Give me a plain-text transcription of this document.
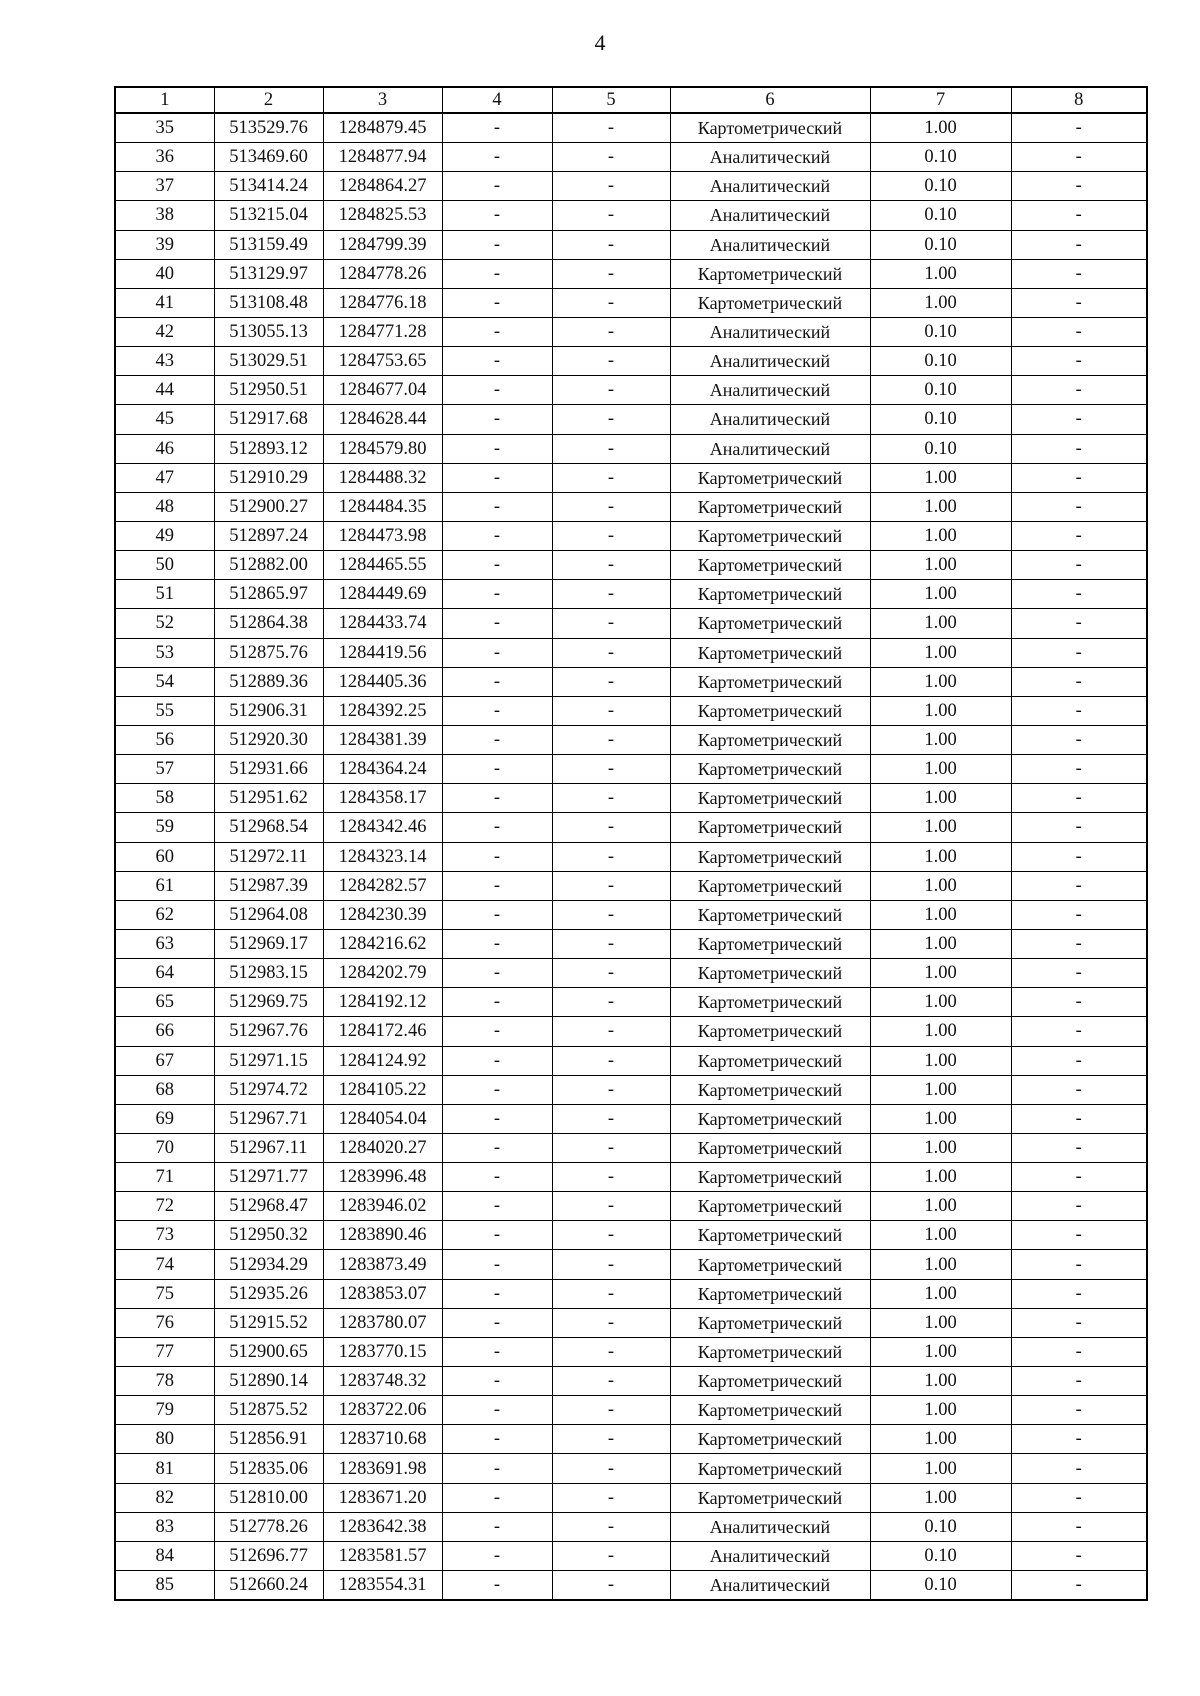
4
1	2	3	4	5	6	7	8
35	513529.76	1284879.45	-	-	Картометрический	1.00	-
36	513469.60	1284877.94	-	-	Аналитический	0.10	-
37	513414.24	1284864.27	-	-	Аналитический	0.10	-
38	513215.04	1284825.53	-	-	Аналитический	0.10	-
39	513159.49	1284799.39	-	-	Аналитический	0.10	-
40	513129.97	1284778.26	-	-	Картометрический	1.00	-
41	513108.48	1284776.18	-	-	Картометрический	1.00	-
42	513055.13	1284771.28	-	-	Аналитический	0.10	-
43	513029.51	1284753.65	-	-	Аналитический	0.10	-
44	512950.51	1284677.04	-	-	Аналитический	0.10	-
45	512917.68	1284628.44	-	-	Аналитический	0.10	-
46	512893.12	1284579.80	-	-	Аналитический	0.10	-
47	512910.29	1284488.32	-	-	Картометрический	1.00	-
48	512900.27	1284484.35	-	-	Картометрический	1.00	-
49	512897.24	1284473.98	-	-	Картометрический	1.00	-
50	512882.00	1284465.55	-	-	Картометрический	1.00	-
51	512865.97	1284449.69	-	-	Картометрический	1.00	-
52	512864.38	1284433.74	-	-	Картометрический	1.00	-
53	512875.76	1284419.56	-	-	Картометрический	1.00	-
54	512889.36	1284405.36	-	-	Картометрический	1.00	-
55	512906.31	1284392.25	-	-	Картометрический	1.00	-
56	512920.30	1284381.39	-	-	Картометрический	1.00	-
57	512931.66	1284364.24	-	-	Картометрический	1.00	-
58	512951.62	1284358.17	-	-	Картометрический	1.00	-
59	512968.54	1284342.46	-	-	Картометрический	1.00	-
60	512972.11	1284323.14	-	-	Картометрический	1.00	-
61	512987.39	1284282.57	-	-	Картометрический	1.00	-
62	512964.08	1284230.39	-	-	Картометрический	1.00	-
63	512969.17	1284216.62	-	-	Картометрический	1.00	-
64	512983.15	1284202.79	-	-	Картометрический	1.00	-
65	512969.75	1284192.12	-	-	Картометрический	1.00	-
66	512967.76	1284172.46	-	-	Картометрический	1.00	-
67	512971.15	1284124.92	-	-	Картометрический	1.00	-
68	512974.72	1284105.22	-	-	Картометрический	1.00	-
69	512967.71	1284054.04	-	-	Картометрический	1.00	-
70	512967.11	1284020.27	-	-	Картометрический	1.00	-
71	512971.77	1283996.48	-	-	Картометрический	1.00	-
72	512968.47	1283946.02	-	-	Картометрический	1.00	-
73	512950.32	1283890.46	-	-	Картометрический	1.00	-
74	512934.29	1283873.49	-	-	Картометрический	1.00	-
75	512935.26	1283853.07	-	-	Картометрический	1.00	-
76	512915.52	1283780.07	-	-	Картометрический	1.00	-
77	512900.65	1283770.15	-	-	Картометрический	1.00	-
78	512890.14	1283748.32	-	-	Картометрический	1.00	-
79	512875.52	1283722.06	-	-	Картометрический	1.00	-
80	512856.91	1283710.68	-	-	Картометрический	1.00	-
81	512835.06	1283691.98	-	-	Картометрический	1.00	-
82	512810.00	1283671.20	-	-	Картометрический	1.00	-
83	512778.26	1283642.38	-	-	Аналитический	0.10	-
84	512696.77	1283581.57	-	-	Аналитический	0.10	-
85	512660.24	1283554.31	-	-	Аналитический	0.10	-
